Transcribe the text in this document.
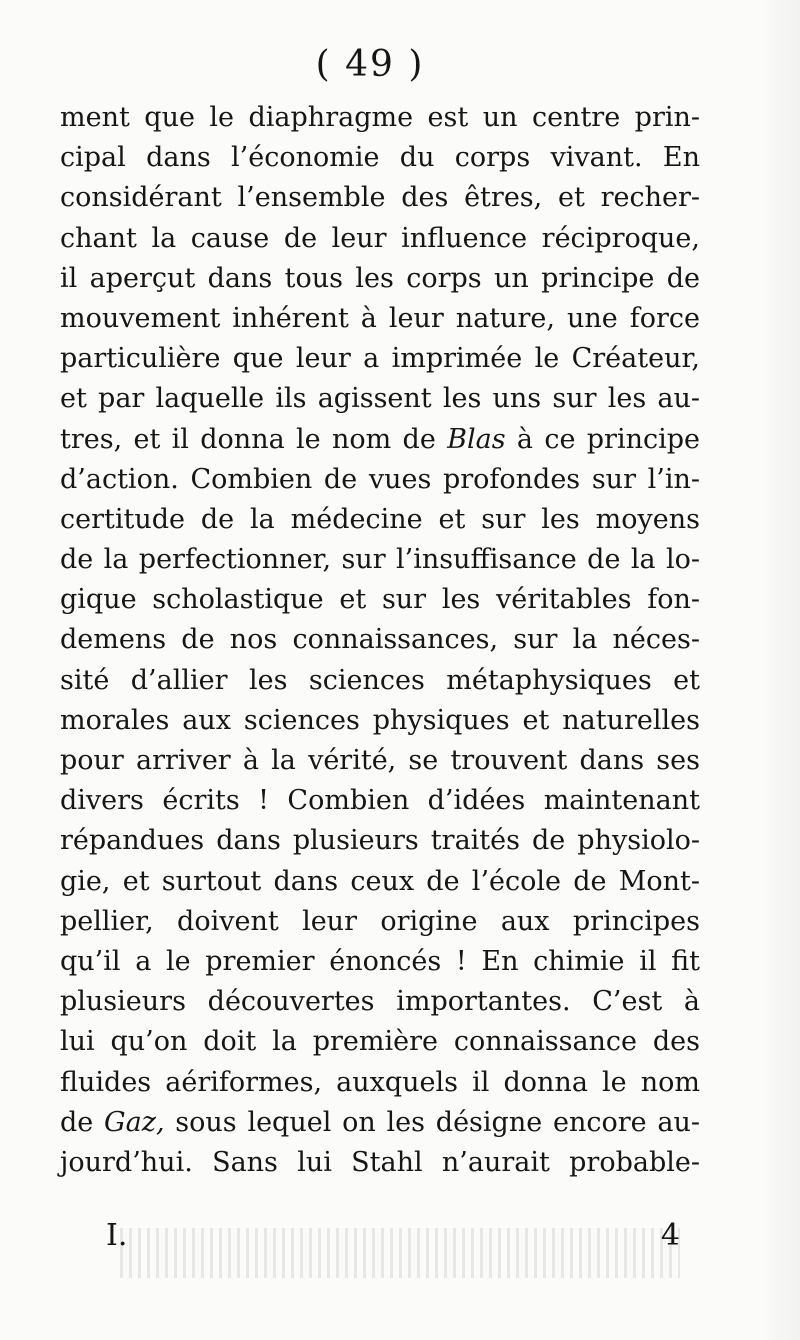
( 49 )
ment que le diaphragme est un centre prin-
cipal dans l’économie du corps vivant. En
considérant l’ensemble des êtres, et recher-
chant la cause de leur influence réciproque,
il aperçut dans tous les corps un principe de
mouvement inhérent à leur nature, une force
particulière que leur a imprimée le Créateur,
et par laquelle ils agissent les uns sur les au-
tres, et il donna le nom de Blas à ce principe
d’action. Combien de vues profondes sur l’in-
certitude de la médecine et sur les moyens
de la perfectionner, sur l’insuffisance de la lo-
gique scholastique et sur les véritables fon-
demens de nos connaissances, sur la néces-
sité d’allier les sciences métaphysiques et
morales aux sciences physiques et naturelles
pour arriver à la vérité, se trouvent dans ses
divers écrits ! Combien d’idées maintenant
répandues dans plusieurs traités de physiolo-
gie, et surtout dans ceux de l’école de Mont-
pellier, doivent leur origine aux principes
qu’il a le premier énoncés ! En chimie il fit
plusieurs découvertes importantes. C’est à
lui qu’on doit la première connaissance des
fluides aériformes, auxquels il donna le nom
de Gaz, sous lequel on les désigne encore au-
jourd’hui. Sans lui Stahl n’aurait probable-
I.	4
